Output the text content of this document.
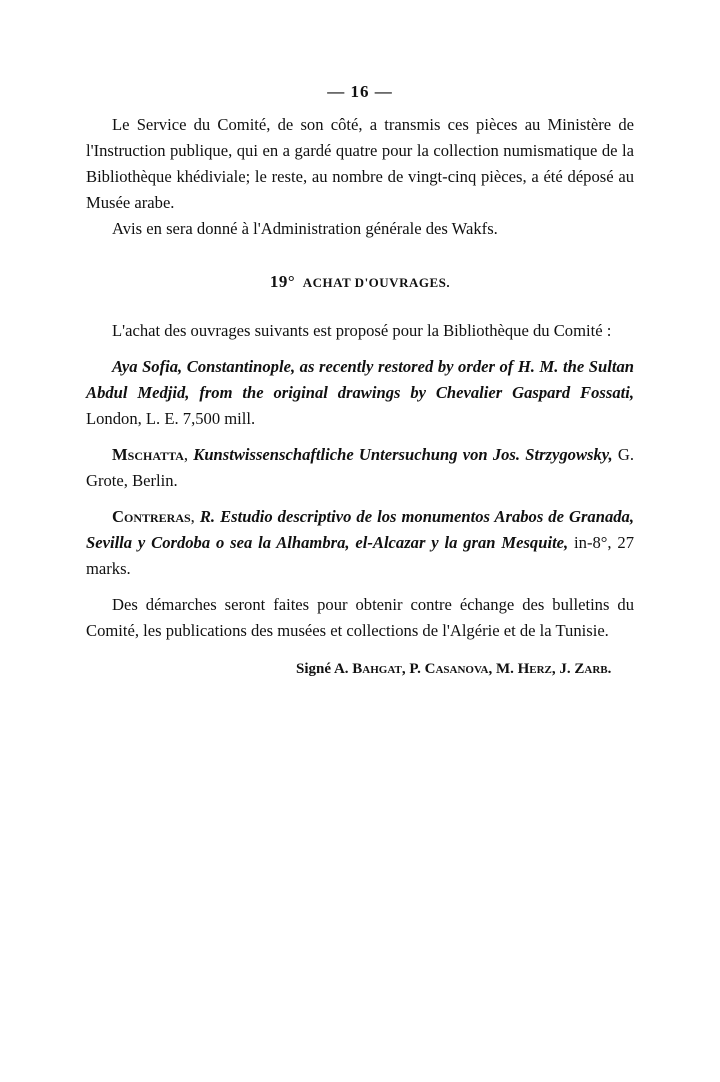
— 16 —

Le Service du Comité, de son côté, a transmis ces pièces au Ministère de l'Instruction publique, qui en a gardé quatre pour la collection numismatique de la Bibliothèque khédiviale; le reste, au nombre de vingt-cinq pièces, a été déposé au Musée arabe.

Avis en sera donné à l'Administration générale des Wakfs.

19° ACHAT D'OUVRAGES.

L'achat des ouvrages suivants est proposé pour la Bibliothèque du Comité :

Aya Sofia, Constantinople, as recently restored by order of H. M. the Sultan Abdul Medjid, from the original drawings by Chevalier Gaspard Fossati, London, L. E. 7,500 mill.

Mschatta, Kunstwissenschaftliche Untersuchung von Jos. Strzygowsky, G. Grote, Berlin.

Contreras, R. Estudio descriptivo de los monumentos Arabos de Granada, Sevilla y Cordoba o sea la Alhambra, el-Alcazar y la gran Mesquite, in-8°, 27 marks.

Des démarches seront faites pour obtenir contre échange des bulletins du Comité, les publications des musées et collections de l'Algérie et de la Tunisie.

Signé A. Bahgat, P. Casanova, M. Herz, J. Zarb.
